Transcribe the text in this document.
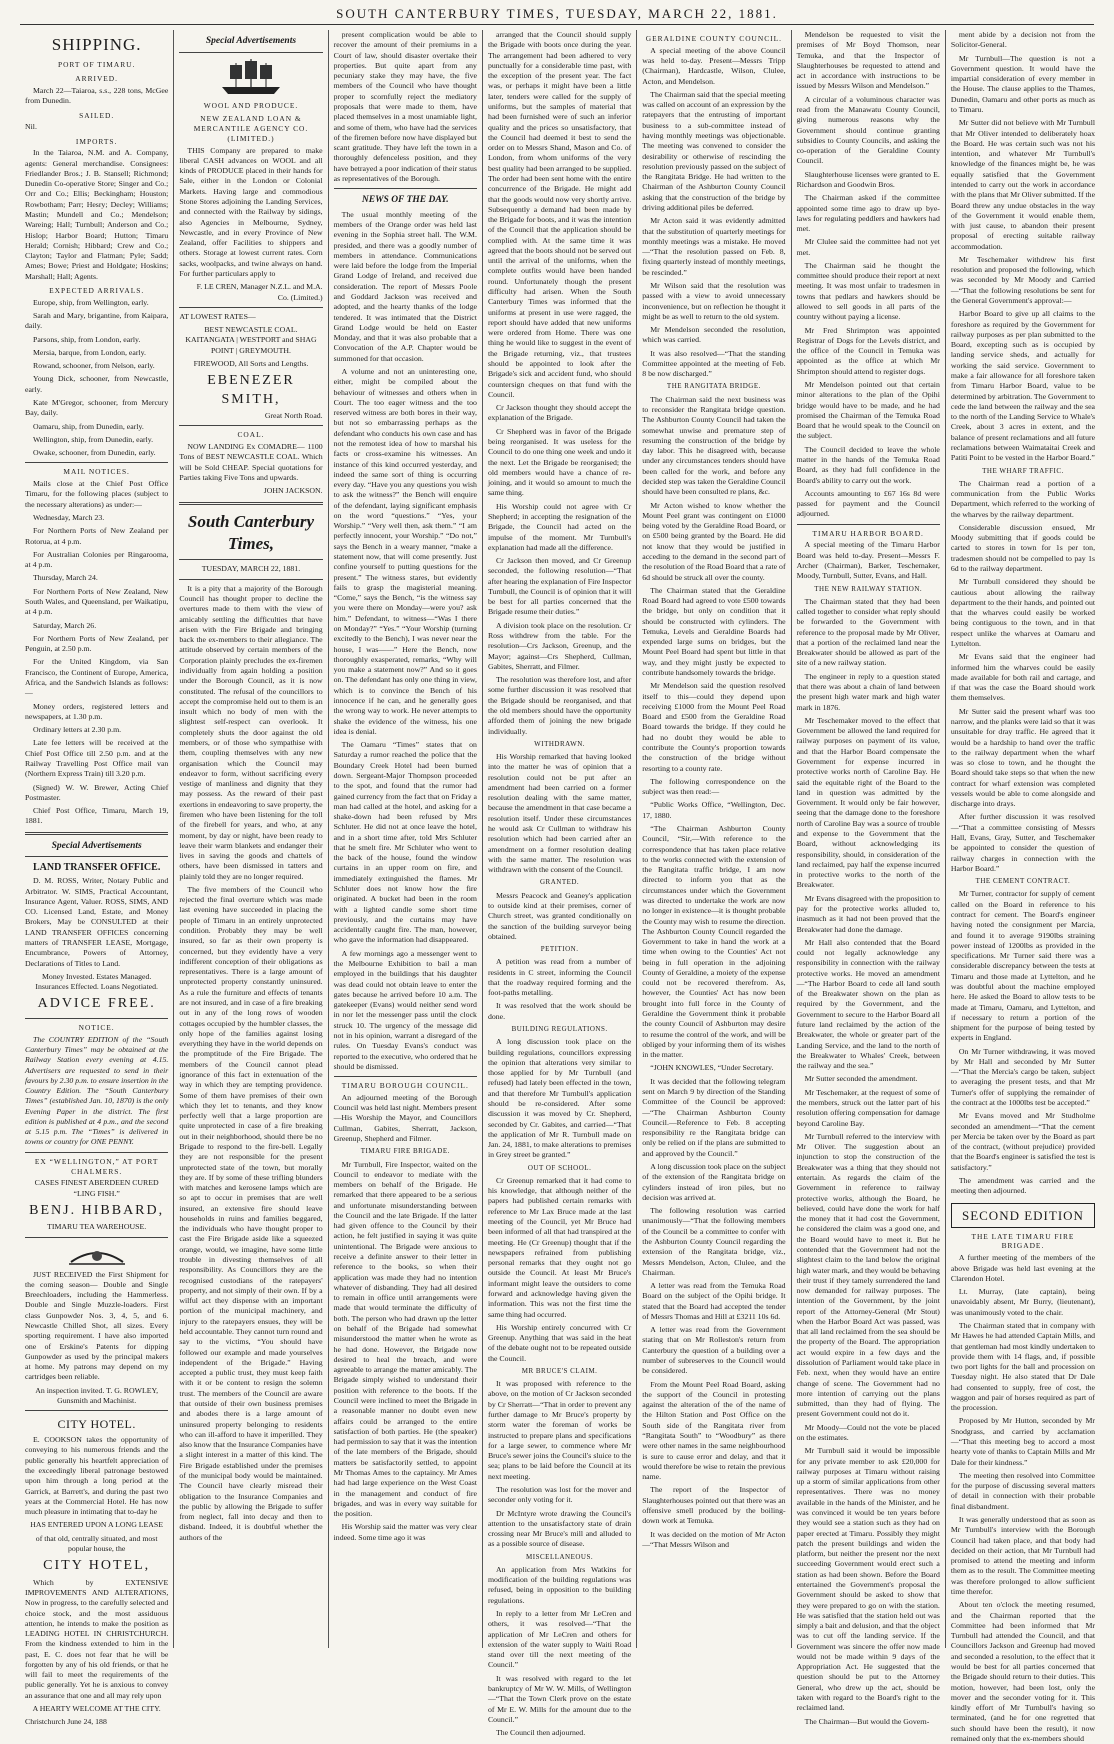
SOUTH CANTERBURY TIMES, TUESDAY, MARCH 22, 1881.
SHIPPING.
PORT OF TIMARU.
ARRIVED.

March 22—Taiaroa, s.s., 228 tons, McGee from Dunedin.

SAILED.

Nil.

IMPORTS.

In the Taiaroa, N.M. and A. Company, agents: General merchandise. Consignees: Friedlander Bros.; J. B. Stansell; Richmond; Dunedin Co-operative Store; Singer and Co.; Orr and Co.; Ellis; Beckingham; Houston; Rowbotham; Parr; Hesry; Decley; Williams; Mastin; Mundell and Co.; Mendelson; Wareing; Hall; Turnbull; Anderson and Co.; Hislop; Harbor Board; Hutton; Timaru Herald; Cornish; Hibbard; Crew and Co.; Clayton; Taylor and Flatman; Pyle; Sadd; Ames; Bowe; Priest and Holdgate; Hoskins; Marshall; Hall; Agents.

EXPECTED ARRIVALS.

Europe, ship, from Wellington, early.

Sarah and Mary, brigantine, from Kaipara, daily.

Parsons, ship, from London, early.

Mersia, barque, from London, early.

Rowand, schooner, from Nelson, early.

Young Dick, schooner, from Newcastle, early.

Kate M'Gregor, schooner, from Mercury Bay, daily.

Oamaru, ship, from Dunedin, early.

Wellington, ship, from Dunedin, early.

Owake, schooner, from Dunedin, early.

MAIL NOTICES.

Mails close at the Chief Post Office Timaru, for the following places (subject to the necessary alterations) as under:—

Wednesday, March 23.

For Northern Ports of New Zealand per Rotorua, at 4 p.m.

For Australian Colonies per Ringarooma, at 4 p.m.

Thursday, March 24.

For Northern Ports of New Zealand, New South Wales, and Queensland, per Waikatipu, at 4 p.m.

Saturday, March 26.

For Northern Ports of New Zealand, per Penguin, at 2.50 p.m.

For the United Kingdom, via San Francisco, the Continent of Europe, America, Africa, and the Sandwich Islands as follows:—

Money orders, registered letters and newspapers, at 1.30 p.m.

Ordinary letters at 2.30 p.m.

Late fee letters will be received at the Chief Post Office till 2.50 p.m. and at the Railway Travelling Post Office mail van (Northern Express Train) till 3.20 p.m.

(Signed) W. W. Brewer, Acting Chief Postmaster.

Chief Post Office, Timaru, March 19, 1881.

Special Advertisements
LAND TRANSFER OFFICE.

D. M. ROSS, Writer, Notary Public and Arbitrator. W. SIMS, Practical Accountant, Insurance Agent, Valuer. ROSS, SIMS, AND CO. Licensed Land, Estate, and Money Brokers, May be CONSULTED at their LAND TRANSFER OFFICES concerning matters of TRANSFER LEASE, Mortgage, Encumbrance, Powers of Attorney, Declarations of Titles to Land.

Money Invested. Estates Managed. Insurances Effected. Loans Negotiated.

ADVICE FREE.
NOTICE.

The COUNTRY EDITION of the “South Canterbury Times” may be obtained at the Railway Station every evening at 4.15. Advertisers are requested to send in their favours by 2.30 p.m. to ensure insertion in the Country Edition. The “South Canterbury Times” (established Jan. 10, 1870) is the only Evening Paper in the district. The first edition is published at 4 p.m., and the second at 5.15 p.m. The “Times” is delivered in towns or country for ONE PENNY.

EX “WELLINGTON,” AT PORT CHALMERS.

CASES FINEST ABERDEEN CURED “LING FISH.”

BENJ. HIBBARD,

TIMARU TEA WAREHOUSE.

JUST RECEIVED the First Shipment for the coming season— Double and Single Breechloaders, including the Hammerless. Double and Single Muzzle-loaders. First class Gunpowder Nos. 3, 4, 5, and 6. Newcastle Chilled Shot, all sizes. Every sporting requirement. I have also imported one of Erskine's Patents for dipping Gunpowder as used by the principal makers at home. My patrons may depend on my cartridges been reliable.

An inspection invited. T. G. ROWLEY, Gunsmith and Machinist.

CITY HOTEL.

E. COOKSON takes the opportunity of conveying to his numerous friends and the public generally his heartfelt appreciation of the exceedingly liberal patronage bestowed upon him through a long period at the Garrick, at Barrett's, and during the past two years at the Commercial Hotel. He has now much pleasure in intimating that to-day he

HAS ENTERED UPON A LONG LEASE

of that old, centrally situated, and most popular house, the

CITY HOTEL,

Which by EXTENSIVE IMPROVEMENTS AND ALTERATIONS, Now in progress, to the carefully selected and choice stock, and the most assiduous attention, he intends to make the position as LEADING HOTEL IN CHRISTCHURCH. From the kindness extended to him in the past, E. C. does not fear that he will be forgotten by any of his old friends, or that he will fail to meet the requirements of the public generally. Yet he is anxious to convey an assurance that one and all may rely upon

A HEARTY WELCOME AT THE CITY.

Christchurch June 24, 188

Special Advertisements
WOOL AND PRODUCE.
NEW ZEALAND LOAN & MERCANTILE AGENCY CO. (LIMITED.)

THIS Company are prepared to make liberal CASH advances on WOOL and all kinds of PRODUCE placed in their hands for Sale, either in the London or Colonial Markets. Having large and commodious Stone Stores adjoining the Landing Services, and connected with the Railway by sidings, also Agencies in Melbourne, Sydney, Newcastle, and in every Province of New Zealand, offer Facilities to shippers and others. Storage at lowest current rates. Corn sacks, woolpacks, and twine always on hand. For further particulars apply to

F. LE CREN, Manager N.Z.L. and M.A. Co. (Limited.)

AT LOWEST RATES—

BEST NEWCASTLE COAL. KAITANGATA | WESTPORT and SHAG POINT | GREYMOUTH.

FIREWOOD, All Sorts and Lengths.

EBENEZER SMITH,

Great North Road.

COAL.

NOW LANDING Ex COMADRE— 1100 Tons of BEST NEWCASTLE COAL. Which will be Sold CHEAP. Special quotations for Parties taking Five Tons and upwards.

JOHN JACKSON.

South Canterbury Times,

TUESDAY, MARCH 22, 1881.

It is a pity that a majority of the Borough Council has thought proper to decline the overtures made to them with the view of amicably settling the difficulties that have arisen with the Fire Brigade and bringing back the ex-members to their allegiance. The attitude observed by certain members of the Corporation plainly precludes the ex-firemen individually from again holding a position under the Borough Council, as it is now constituted. The refusal of the councillors to accept the compromise held out to them is an insult which no body of men with the slightest self-respect can overlook. It completely shuts the door against the old members, or of those who sympathise with them, coupling themselves with any new organisation which the Council may endeavor to form, without sacrificing every vestige of manliness and dignity that they may possess. As the reward of their past exertions in endeavoring to save property, the firemen who have been listening for the toll of the firebell for years, and who, at any moment, by day or night, have been ready to leave their warm blankets and endanger their lives in saving the goods and chattels of others, have been dismissed in tatters and plainly told they are no longer required.

The five members of the Council who rejected the final overture which was made last evening have succeeded in placing the people of Timaru in an entirely unprotected condition. Probably they may be well insured, so far as their own property is concerned, but they evidently have a very indifferent conception of their obligations as representatives. There is a large amount of unprotected property constantly uninsured. As a rule the furniture and effects of tenants are not insured, and in case of a fire breaking out in any of the long rows of wooden cottages occupied by the humbler classes, the only hope of the families against losing everything they have in the world depends on the promptitude of the Fire Brigade. The members of the Council cannot plead ignorance of this fact in extenuation of the way in which they are tempting providence. Some of them have premises of their own which they let to tenants, and they know perfectly well that a large proportion are quite unprotected in case of a fire breaking out in their neighborhood, should there be no Brigade to respond to the fire-bell. Legally they are not responsible for the present unprotected state of the town, but morally they are. If by some of these trifling blunders with matches and kerosene lamps which are so apt to occur in premises that are well insured, an extensive fire should leave households in ruins and families beggared, the individuals who have thought proper to cast the Fire Brigade aside like a squeezed orange, would, we imagine, have some little trouble in divesting themselves of all responsibility. As Councillors they are the recognised custodians of the ratepayers' property, and not simply of their own. If by a wilful act they dispense with an important portion of the municipal machinery, and injury to the ratepayers ensues, they will be held accountable. They cannot turn round and say to the victims, “You should have followed our example and made yourselves independent of the Brigade.” Having accepted a public trust, they must keep faith with it or be content to resign the solemn trust. The members of the Council are aware that outside of their own business premises and abodes there is a large amount of uninsured property belonging to residents who can ill-afford to have it imperilled. They also know that the Insurance Companies have a slight interest in a matter of this kind. The Fire Brigade established under the premises of the municipal body would be maintained. The Council have clearly misread their obligation to the Insurance Companies and the public by allowing the Brigade to suffer from neglect, fall into decay and then to disband. Indeed, it is doubtful whether the authors of the

present complication would be able to recover the amount of their premiums in a Court of law, should disaster overtake their properties. But quite apart from any pecuniary stake they may have, the five members of the Council who have thought proper to scornfully reject the mediatory proposals that were made to them, have placed themselves in a most unamiable light, and some of them, who have had the services of the firemen before now have displayed but scant gratitude. They have left the town in a thoroughly defenceless position, and they have betrayed a poor indication of their status as representatives of the Borough.

NEWS OF THE DAY.

The usual monthly meeting of the members of the Orange order was held last evening in the Sophia street hall. The W.M. presided, and there was a goodly number of members in attendance. Communications were laid before the lodge from the Imperial Grand Lodge of Ireland, and received due consideration. The report of Messrs Poole and Goddard Jackson was received and adopted, and the hearty thanks of the lodge tendered. It was intimated that the District Grand Lodge would be held on Easter Monday, and that it was also probable that a Convocation of the A.P. Chapter would be summoned for that occasion.

A volume and not an uninteresting one, either, might be compiled about the behaviour of witnesses and others when in Court. The too eager witness and the too reserved witness are both bores in their way, but not so embarrassing perhaps as the defendant who conducts his own case and has not the remotest idea of how to marshal his facts or cross-examine his witnesses. An instance of this kind occurred yesterday, and indeed the same sort of thing is occurring every day. “Have you any questions you wish to ask the witness?” the Bench will enquire of the defendant, laying significant emphasis on the word “questions.” “Yes, your Worship.” “Very well then, ask them.” “I am perfectly innocent, your Worship.” “Do not,” says the Bench in a weary manner, “make a statement now, that will come presently. Just confine yourself to putting questions for the present.” The witness stares, but evidently fails to grasp the magisterial meaning. “Come,” says the Bench, “is the witness say you were there on Monday—were you? ask him.” Defendant, to witness—“Was I there on Monday?” “Yes.” “Your Worship (turning excitedly to the Bench), I was never near the house, I was——” Here the Bench, now thoroughly exasperated, remarks, “Why will you make a statement now?” And so it goes on. The defendant has only one thing in view, which is to convince the Bench of his innocence if he can, and he generally goes the wrong way to work. He never attempts to shake the evidence of the witness, his one idea is denial.

The Oamaru “Times” states that on Saturday a rumor reached the police that the Boundary Creek Hotel had been burned down. Sergeant-Major Thompson proceeded to the spot, and found that the rumor had gained currency from the fact that on Friday a man had called at the hotel, and asking for a shake-down had been refused by Mrs Schluter. He did not at once leave the hotel, and in a short time after, told Mrs Schluter that he smelt fire. Mr Schluter who went to the back of the house, found the window curtains in an upper room on fire, and immediately extinguished the flames. Mr Schluter does not know how the fire originated. A bucket had been in the room with a lighted candle some short time previously, and the curtains may have accidentally caught fire. The man, however, who gave the information had disappeared.

A few mornings ago a messenger went to the Melbourne Exhibition to bail a man employed in the buildings that his daughter was dead could not obtain leave to enter the gates because he arrived before 10 a.m. The gatekeeper (Evans) would neither send word in nor let the messenger pass until the clock struck 10. The urgency of the message did not in his opinion, warrant a disregard of the rules. On Tuesday Evans's conduct was reported to the executive, who ordered that he should be dismissed.

TIMARU BOROUGH COUNCIL.

An adjourned meeting of the Borough Council was held last night. Members present—His Worship the Mayor, and Councillors Cullman, Gabites, Sherratt, Jackson, Greenup, Shepherd and Filmer.

TIMARU FIRE BRIGADE.

Mr Turnbull, Fire Inspector, waited on the Council to endeavor to mediate with the members on behalf of the Brigade. He remarked that there appeared to be a serious and unfortunate misunderstanding between the Council and the late Brigade. If the latter had given offence to the Council by their action, he felt justified in saying it was quite unintentional. The Brigade were anxious to receive a definite answer to their letter in reference to the books, so when their application was made they had no intention whatever of disbanding. They had all desired to remain in office until arrangements were made that would terminate the difficulty of both. The person who had drawn up the letter on behalf of the Brigade had somewhat misunderstood the matter when he wrote as he had done. However, the Brigade now desired to heal the breach, and were agreeable to arrange the matter amicably. The Brigade simply wished to understand their position with reference to the boots. If the Council were inclined to meet the Brigade in a reasonable manner no doubt even new affairs could be arranged to the entire satisfaction of both parties. He (the speaker) had permission to say that it was the intention of the late members of the Brigade, should matters be satisfactorily settled, to appoint Mr Thomas Ames to the captaincy. Mr Ames had had large experience on the West Coast in the management and conduct of fire brigades, and was in every way suitable for the position.

His Worship said the matter was very clear indeed. Some time ago it was

arranged that the Council should supply the Brigade with boots once during the year. The arrangement had been adhered to very punctually for a considerable time past, with the exception of the present year. The fact was, or perhaps it might have been a little later, tenders were called for the supply of uniforms, but the samples of material that had been furnished were of such an inferior quality and the prices so unsatisfactory, that the Council had deemed it best to send the order on to Messrs Shand, Mason and Co. of London, from whom uniforms of the very best quality had been arranged to be supplied. The order had been sent home with the entire concurrence of the Brigade. He might add that the goods would now very shortly arrive. Subsequently a demand had been made by the Brigade for boots, and it was the intention of the Council that the application should be complied with. At the same time it was agreed that the boots should not be served out until the arrival of the uniforms, when the complete outfits would have been handed round. Unfortunately though the present difficulty had arisen. When the South Canterbury Times was informed that the uniforms at present in use were ragged, the report should have added that new uniforms were ordered from Home. There was one thing he would like to suggest in the event of the Brigade returning, viz., that trustees should be appointed to look after the Brigade's sick and accident fund, who should countersign cheques on that fund with the Council.

Cr Jackson thought they should accept the explanation of the Brigade.

Cr Shepherd was in favor of the Brigade being reorganised. It was useless for the Council to do one thing one week and undo it the next. Let the Brigade be reorganised; the old members would have a chance of re-joining, and it would so amount to much the same thing.

His Worship could not agree with Cr Shepherd; in accepting the resignation of the Brigade, the Council had acted on the impulse of the moment. Mr Turnbull's explanation had made all the difference.

Cr Jackson then moved, and Cr Greenup seconded, the following resolution—“That after hearing the explanation of Fire Inspector Turnbull, the Council is of opinion that it will be best for all parties concerned that the Brigade resume their duties.”

A division took place on the resolution. Cr Ross withdrew from the table. For the resolution—Crs Jackson, Greenup, and the Mayor; against—Crs Shepherd, Cullman, Gabites, Sherratt, and Filmer.

The resolution was therefore lost, and after some further discussion it was resolved that the Brigade should be reorganised, and that the old members should have the opportunity afforded them of joining the new brigade individually.

WITHDRAWN.

His Worship remarked that having looked into the matter he was of opinion that a resolution could not be put after an amendment had been carried on a former resolution dealing with the same matter, because the amendment in that case became a resolution itself. Under these circumstances he would ask Cr Cullman to withdraw his resolution which had been carried after an amendment on a former resolution dealing with the same matter. The resolution was withdrawn with the consent of the Council.

GRANTED.

Messrs Peacock and Geaney's application to outside kind at their premises, corner of Church street, was granted conditionally on the sanction of the building surveyor being obtained.

PETITION.

A petition was read from a number of residents in C street, informing the Council that the roadway required forming and the foot-paths metalling.

It was resolved that the work should be done.

BUILDING REGULATIONS.

A long discussion took place on the building regulations, councillors expressing the opinion that alterations very similar to those applied for by Mr Turnbull (and refused) had lately been effected in the town, and that therefore Mr Turnbull's application should be re-considered. After some discussion it was moved by Cr. Shepherd, seconded by Cr. Gabites, and carried—“That the application of Mr R. Turnbull made on Jan. 24, 1881, to make alterations to premises in Grey street be granted.”

OUT OF SCHOOL.

Cr Greenup remarked that it had come to his knowledge, that although neither of the papers had published certain remarks with reference to Mr Lax Bruce made at the last meeting of the Council, yet Mr Bruce had been informed of all that had transpired at the meeting. He (Cr Greenup) thought that if the newspapers refrained from publishing personal remarks that they ought not go outside the Council. At least Mr Bruce's informant might leave the outsiders to come forward and acknowledge having given the information. This was not the first time the same thing had occurred.

His Worship entirely concurred with Cr Greenup. Anything that was said in the heat of the debate ought not to be repeated outside the Council.

MR BRUCE'S CLAIM.

It was proposed with reference to the above, on the motion of Cr Jackson seconded by Cr Sherratt—“That in order to prevent any further damage to Mr Bruce's property by storm water the foreman of works be instructed to prepare plans and specifications for a large sewer, to commence where Mr Bruce's sewer joins the Council's sluice to the sea; plans to be laid before the Council at its next meeting.

The resolution was lost for the mover and seconder only voting for it.

Dr McIntyre wrote drawing the Council's attention to the unsatisfactory state of drain crossing near Mr Bruce's mill and alluded to as a possible source of disease.

MISCELLANEOUS.

An application from Mrs Watkins for modification of the building regulations was refused, being in opposition to the building regulations.

In reply to a letter from Mr LeCren and others, it was resolved—“That the application of Mr LeCren and others for extension of the water supply to Waiti Road stand over till the next meeting of the Council.”

It was resolved with regard to the let bankruptcy of Mr W. W. Mills, of Wellington—“That the Town Clerk prove on the estate of Mr E. W. Mills for the amount due to the Council.”

The Council then adjourned.

GERALDINE COUNTY COUNCIL.

A special meeting of the above Council was held to-day. Present—Messrs Tripp (Chairman), Hardcastle, Wilson, Clulee, Acton, and Mendelson.

The Chairman said that the special meeting was called on account of an expression by the ratepayers that the entrusting of important business to a sub-committee instead of having monthly meetings was objectionable. The meeting was convened to consider the desirability or otherwise of rescinding the resolution previously passed on the subject of the Rangitata Bridge. He had written to the Chairman of the Ashburton County Council asking that the construction of the bridge by driving additional piles be deferred.

Mr Acton said it was evidently admitted that the substitution of quarterly meetings for monthly meetings was a mistake. He moved—“That the resolution passed on Feb. 8, fixing quarterly instead of monthly meetings, be rescinded.”

Mr Wilson said that the resolution was passed with a view to avoid unnecessary inconvenience, but on reflection he thought it might be as well to return to the old system.

Mr Mendelson seconded the resolution, which was carried.

It was also resolved—“That the standing Committee appointed at the meeting of Feb. 8 be now discharged.”

THE RANGITATA BRIDGE.

The Chairman said the next business was to reconsider the Rangitata bridge question. The Ashburton County Council had taken the somewhat unwise and premature step of resuming the construction of the bridge by day labor. This he disagreed with, because under any circumstances tenders should have been called for the work, and before any decided step was taken the Geraldine Council should have been consulted re plans, &c.

Mr Acton wished to know whether the Mount Peel grant was contingent on £1000 being voted by the Geraldine Road Board, or on £500 being granted by the Board. He did not know that they would be justified in acceding to the demand in the second part of the resolution of the Road Board that a rate of 6d should be struck all over the county.

The Chairman stated that the Geraldine Road Board had agreed to vote £500 towards the bridge, but only on condition that it should be constructed with cylinders. The Temuka, Levels and Geraldine Boards had expended large sums on bridges, but the Mount Peel Board had spent but little in that way, and they might justly be expected to contribute handsomely towards the bridge.

Mr Mendelson said the question resolved itself to this—could they depend upon receiving £1000 from the Mount Peel Road Board and £500 from the Geraldine Road Board towards the bridge. If they could he had no doubt they would be able to contribute the County's proportion towards the construction of the bridge without resorting to a county rate.

The following correspondence on the subject was then read:—

“Public Works Office, “Wellington, Dec. 17, 1880.

“The Chairman Ashburton County Council, “Sir,—With reference to the correspondence that has taken place relative to the works connected with the extension of the Rangitata traffic bridge, I am now directed to inform you that as the circumstances under which the Government was directed to undertake the work are now no longer in existence—it is thought probable the County may wish to resume the direction. The Ashburton County Council regarded the Government to take in hand the work at a time when owing to the Counties' Act not being in full operation in the adjoining County of Geraldine, a moiety of the expense could not be recovered therefrom. As, however, the Counties' Act has now been brought into full force in the County of Geraldine the Government think it probable the county Council of Ashburton may desire to resume the control of the work, and will be obliged by your informing them of its wishes in the matter.

“JOHN KNOWLES, “Under Secretary.

It was decided that the following telegram sent on March 9 by direction of the Standing Committee of the Council be approved:—“The Chairman Ashburton County Council.—Reference to Feb. 8 accepting responsibility re the Rangitata bridge can only be relied on if the plans are submitted to and approved by the Council.”

A long discussion took place on the subject of the extension of the Rangitata bridge on cylinders instead of iron piles, but no decision was arrived at.

The following resolution was carried unanimously—“That the following members of the Council be a committee to confer with the Ashburton County Council regarding the extension of the Rangitata bridge, viz., Messrs Mendelson, Acton, Clulee, and the Chairman.

A letter was read from the Temuka Road Board on the subject of the Opihi bridge. It stated that the Board had accepted the tender of Messrs Thomas and Hill at £3211 10s 6d.

A letter was read from the Government stating that on Mr Rolleston's return from Canterbury the question of a building over a number of subreserves to the Council would be considered.

From the Mount Peel Road Board, asking the support of the Council in protesting against the alteration of the of the name of the Hilton Station and Post Office on the South side of the Rangitata river from “Rangitata South” to “Woodbury” as there were other names in the same neighbourhood is sure to cause error and delay, and that it would therefore be wise to retain the previous name.

The report of the Inspector of Slaughterhouses pointed out that there was an offensive smell produced by the boiling-down work at Temuka.

It was decided on the motion of Mr Acton—“That Messrs Wilson and

Mendelson be requested to visit the premises of Mr Boyd Thomson, near Temuka, and that the Inspector of Slaughterhouses be requested to attend and act in accordance with instructions to be issued by Messrs Wilson and Mendelson.”

A circular of a voluminous character was read from the Manawatu County Council, giving numerous reasons why the Government should continue granting subsidies to County Councils, and asking the co-operation of the Geraldine County Council.

Slaughterhouse licenses were granted to E. Richardson and Goodwin Bros.

The Chairman asked if the committee appointed some time ago to draw up bye-laws for regulating peddlers and hawkers had met.

Mr Clulee said the committee had not yet met.

The Chairman said he thought the committee should produce their report at next meeting. It was most unfair to tradesmen in towns that pedlars and hawkers should be allowed to sell goods in all parts of the country without paying a license.

Mr Fred Shrimpton was appointed Registrar of Dogs for the Levels district, and the office of the Council in Temuka was appointed as the office at which Mr Shrimpton should attend to register dogs.

Mr Mendelson pointed out that certain minor alterations to the plan of the Opihi bridge would have to be made, and he had promised the Chairman of the Temuka Road Board that he would speak to the Council on the subject.

The Council decided to leave the whole matter in the hands of the Temuka Road Board, as they had full confidence in the Board's ability to carry out the work.

Accounts amounting to £67 16s 8d were passed for payment and the Council adjourned.

TIMARU HARBOR BOARD.

A special meeting of the Timaru Harbor Board was held to-day. Present—Messrs F. Archer (Chairman), Barker, Teschemaker, Moody, Turnbull, Sutter, Evans, and Hall.

THE NEW RAILWAY STATION.

The Chairman stated that they had been called together to consider what reply should be forwarded to the Government with reference to the proposal made by Mr Oliver, that a portion of the reclaimed land near the Breakwater should be allowed as part of the site of a new railway station.

The engineer in reply to a question stated that there was about a chain of land between the present high water mark and high water mark in 1876.

Mr Teschemaker moved to the effect that Government be allowed the land required for railway purposes on payment of its value, and that the Harbor Board compensate the Government for expense incurred in protective works north of Caroline Bay. He said the equitable right of the Board to the land in question was admitted by the Government. It would only be fair however, seeing that the damage done to the foreshore north of Caroline Bay was a source of trouble and expense to the Government that the Board, without acknowledging its responsibility, should, in consideration of the land reclaimed, pay half the expense incurred in protective works to the north of the Breakwater.

Mr Evans disagreed with the proposition to pay for the protective works alluded to, inasmuch as it had not been proved that the Breakwater had done the damage.

Mr Hall also contended that the Board could not legally acknowledge any responsibility in connection with the railway protective works. He moved an amendment—“The Harbor Board to cede all land south of the Breakwater shown on the plan as required by the Government, and the Government to secure to the Harbor Board all future land reclaimed by the action of the Breakwater, the whole or greater part of the Landing Service, and the land to the north of the Breakwater to Whales' Creek, between the railway and the sea.”

Mr Sutter seconded the amendment.

Mr Teschemaker, at the request of some of the members, struck out the latter part of his resolution offering compensation for damage beyond Caroline Bay.

Mr Turnbull referred to the interview with Mr Oliver. The suggestion about an injunction to stop the construction of the Breakwater was a thing that they should not entertain. As regards the claim of the Government in reference to railway protective works, although the Board, he believed, could have done the work for half the money that it had cost the Government, he considered the claim was a good one, and the Board would have to meet it. But he contended that the Government had not the slightest claim to the land below the original high water mark, and they would be behaving their trust if they tamely surrendered the land now demanded for railway purposes. The intention of the Government, by the joint report of the Attorney-General (Mr Stout) when the Harbor Board Act was passed, was that all land reclaimed from the sea should be the property of the Board. The appropriation act would expire in a few days and the dissolution of Parliament would take place in Feb. next, when they would have an entire change of scene. The Government had no more intention of carrying out the plans submitted, than they had of flying. The present Government could not do it.

Mr Moody—Could not the vote be placed on the estimates.

Mr Turnbull said it would be impossible for any private member to ask £20,000 for railway purposes at Timaru without raising up a storm of similar applications from other representatives. There was no money available in the hands of the Minister, and he was convinced it would be ten years before they would see a station such as they had on paper erected at Timaru. Possibly they might patch the present buildings and widen the platform, but neither the present nor the next succeeding Government would erect such a station as had been shown. Before the Board entertained the Government's proposal the Government should be asked to show that they were prepared to go on with the station. He was satisfied that the station held out was simply a bait and delusion, and that the object was to cut off the landing service. If the Government was sincere the offer now made would not be made within 9 days of the Appropriation Act. He suggested that the question should be put to the Attorney General, who drew up the act, should be taken with regard to the Board's right to the reclaimed land.

The Chairman—But would the Govern-

ment abide by a decision not from the Solicitor-General.

Mr Turnbull—The question is not a Government question. It would have the impartial consideration of every member in the House. The clause applies to the Thames, Dunedin, Oamaru and other ports as much as to Timaru.

Mr Sutter did not believe with Mr Turnbull that Mr Oliver intended to deliberately hoax the Board. He was certain such was not his intention, and whatever Mr Turnbull's knowledge of the finances might be, he was equally satisfied that the Government intended to carry out the work in accordance with the plans that Mr Oliver submitted. If the Board threw any undue obstacles in the way of the Government it would enable them, with just cause, to abandon their present proposal of erecting suitable railway accommodation.

Mr Teschemaker withdrew his first resolution and proposed the following, which was seconded by Mr Moody and Carried—“That the following resolutions be sent for the General Government's approval:—

Harbor Board to give up all claims to the foreshore as required by the Government for railway purposes as per plan submitted to the Board, excepting such as is occupied by landing service sheds, and actually for working the said service. Government to make a fair allowance for all foreshore taken from Timaru Harbor Board, value to be determined by arbitration. The Government to cede the land between the railway and the sea to the north of the Landing Service to Whale's Creek, about 3 acres in extent, and the balance of present reclamations and all future reclamations between Waimataitai Creek and Patiti Point to be vested in the Harbor Board.”

THE WHARF TRAFFIC.

The Chairman read a portion of a communication from the Public Works Department, which referred to the working of the wharves by the railway department.

Considerable discussion ensued, Mr Moody submitting that if goods could be carted to stores in town for 1s per ton, tradesmen should not be compelled to pay 1s 6d to the railway department.

Mr Turnbull considered they should be cautious about allowing the railway department to the their hands, and pointed out that the wharves could easily be worked being contiguous to the town, and in that respect unlike the wharves at Oamaru and Lyttelton.

Mr Evans said that the engineer had informed him the wharves could be easily made available for both rail and cartage, and if that was the case the Board should work them themselves.

Mr Sutter said the present wharf was too narrow, and the planks were laid so that it was unsuitable for dray traffic. He agreed that it would be a hardship to hand over the traffic to the railway department when the wharf was so close to town, and he thought the Board should take steps so that when the new contract for wharf extension was completed vessels would be able to come alongside and discharge into drays.

After further discussion it was resolved—“That a committee consisting of Messrs Hall, Evans, Gray, Sutter, and Teschemaker be appointed to consider the question of railway charges in connection with the Harbor Board.”

THE CEMENT CONTRACT.

Mr Turner, contractor for supply of cement called on the Board in reference to his contract for cement. The Board's engineer having noted the consignment per Marcia, and found it to average 9190lbs straining power instead of 1200lbs as provided in the specifications. Mr Turner said there was a considerable discrepancy between the tests at Timaru and those made at Lyttelton, and he was doubtful about the machine employed here. He asked the Board to allow tests to be made at Timaru, Oamaru, and Lyttelton, and if necessary to return a portion of the shipment for the purpose of being tested by experts in England.

On Mr Turner withdrawing, it was moved by Mr Hall and seconded by Mr Sutter—“That the Mercia's cargo be taken, subject to averaging the present tests, and that Mr Turner's offer of supplying the remainder of the contract at the 1000lbs test be accepted.”

Mr Evans moved and Mr Studholme seconded an amendment—“That the cement per Mercia be taken over by the Board as part of the contract, (without prejudice) provided that the Board's engineer is satisfied the test is satisfactory.”

The amendment was carried and the meeting then adjourned.

SECOND EDITION
THE LATE TIMARU FIRE BRIGADE.

A further meeting of the members of the above Brigade was held last evening at the Clarendon Hotel.

Lt. Murray, (late captain), being unavoidably absent, Mr Burry, (lieutenant), was unanimously voted to the chair.

The Chairman stated that in company with Mr Hawes he had attended Captain Mills, and that gentleman had most kindly undertaken to provide them with 14 flags, and, if possible two port lights for the ball and procession on Tuesday night. He also stated that Dr Dale had consented to supply, free of cost, the waggon and pair of horses required as part of the procession.

Proposed by Mr Hutton, seconded by Mr Snodgrass, and carried by acclamation—“That this meeting beg to accord a most hearty vote of thanks to Captain Mills and Mr Dale for their kindness.”

The meeting then resolved into Committee for the purpose of discussing several matters of detail in connection with their probable final disbandment.

It was generally understood that as soon as Mr Turnbull's interview with the Borough Council had taken place, and that body had decided on their action, that Mr Turnbull had promised to attend the meeting and inform them as to the result. The Committee meeting was therefore prolonged to allow sufficient time therefor.

About ten o'clock the meeting resumed, and the Chairman reported that the Committee had been informed that Mr Turnbull had attended the Council, and that Councillors Jackson and Greenup had moved and seconded a resolution, to the effect that it would be best for all parties concerned that the Brigade should return to their duties. This motion, however, had been lost, only the mover and the seconder voting for it. This kindly effort of Mr Turnbull's having so terminated, (and he for one regretted that such should have been the result), it now remained only that the ex-members should
